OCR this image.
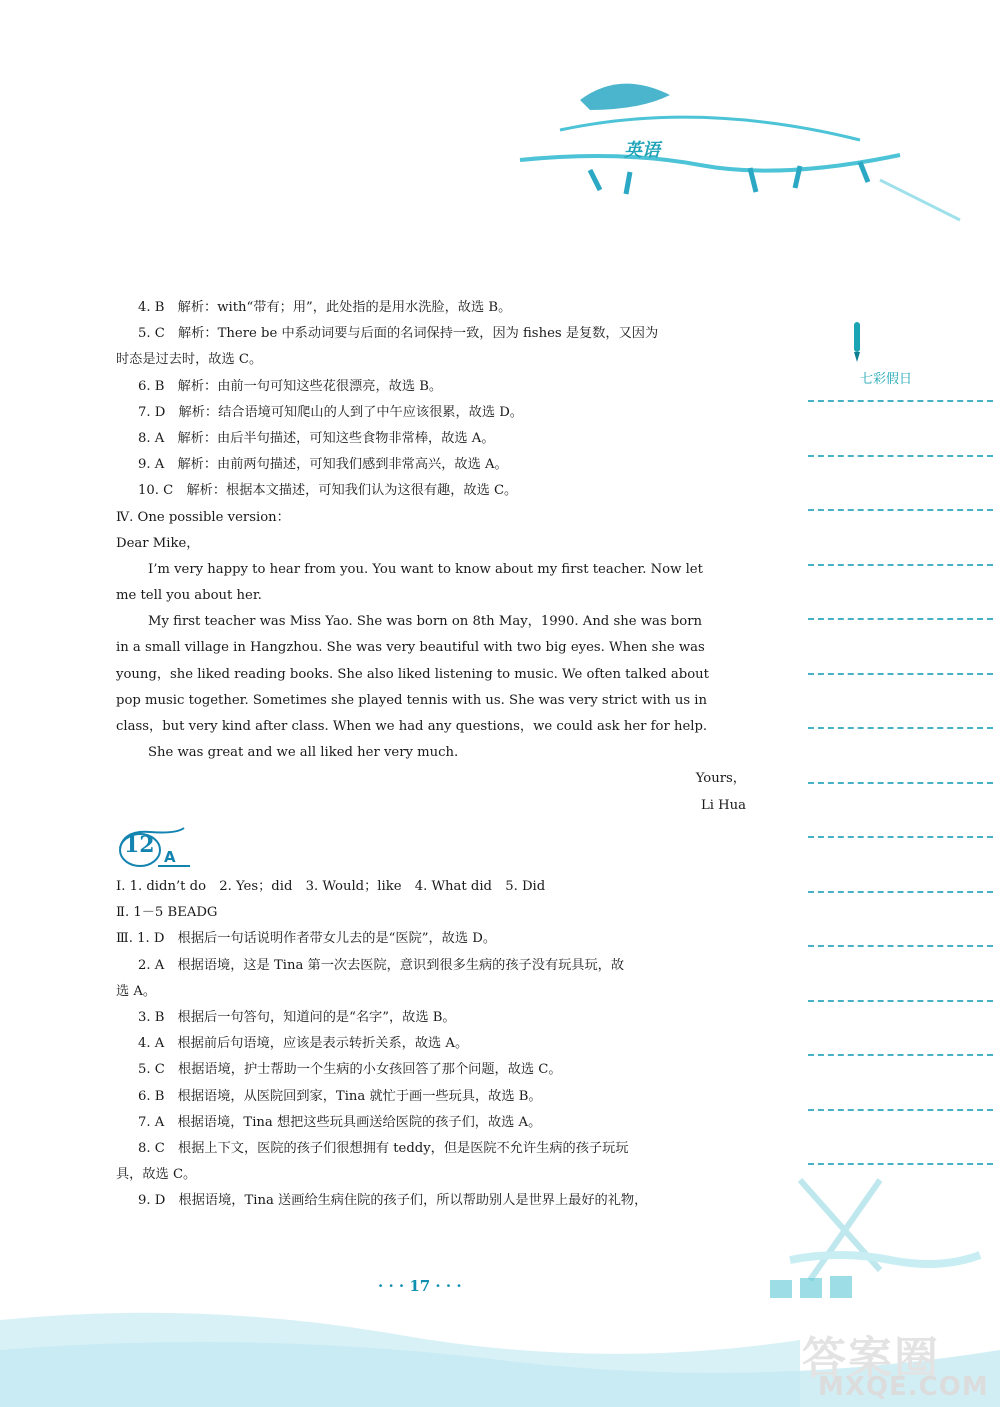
英语
七彩假日
4. B　解析：with“带有；用”，此处指的是用水洗脸，故选 B。
5. C　解析：There be 中系动词要与后面的名词保持一致，因为 fishes 是复数，又因为
时态是过去时，故选 C。
6. B　解析：由前一句可知这些花很漂亮，故选 B。
7. D　解析：结合语境可知爬山的人到了中午应该很累，故选 D。
8. A　解析：由后半句描述，可知这些食物非常棒，故选 A。
9. A　解析：由前两句描述，可知我们感到非常高兴，故选 A。
10. C　解析：根据本文描述，可知我们认为这很有趣，故选 C。
Ⅳ. One possible version：
Dear Mike，
I’m very happy to hear from you. You want to know about my first teacher. Now let
me tell you about her.
My first teacher was Miss Yao. She was born on 8th May，1990. And she was born
in a small village in Hangzhou. She was very beautiful with two big eyes. When she was
young，she liked reading books. She also liked listening to music. We often talked about
pop music together. Sometimes she played tennis with us. She was very strict with us in
class，but very kind after class. When we had any questions，we could ask her for help.
She was great and we all liked her very much.
Yours，
Li Hua
12 A
Ⅰ. 1. didn’t do　2. Yes；did　3. Would；like　4. What did　5. Did
Ⅱ. 1－5 BEADG
Ⅲ. 1. D　根据后一句话说明作者带女儿去的是“医院”，故选 D。
2. A　根据语境，这是 Tina 第一次去医院，意识到很多生病的孩子没有玩具玩，故
选 A。
3. B　根据后一句答句，知道问的是“名字”，故选 B。
4. A　根据前后句语境，应该是表示转折关系，故选 A。
5. C　根据语境，护士帮助一个生病的小女孩回答了那个问题，故选 C。
6. B　根据语境，从医院回到家，Tina 就忙于画一些玩具，故选 B。
7. A　根据语境，Tina 想把这些玩具画送给医院的孩子们，故选 A。
8. C　根据上下文，医院的孩子们很想拥有 teddy，但是医院不允许生病的孩子玩玩
具，故选 C。
9. D　根据语境，Tina 送画给生病住院的孩子们，所以帮助别人是世界上最好的礼物，
· · · 17 · · ·
答案圈
MXQE.COM
